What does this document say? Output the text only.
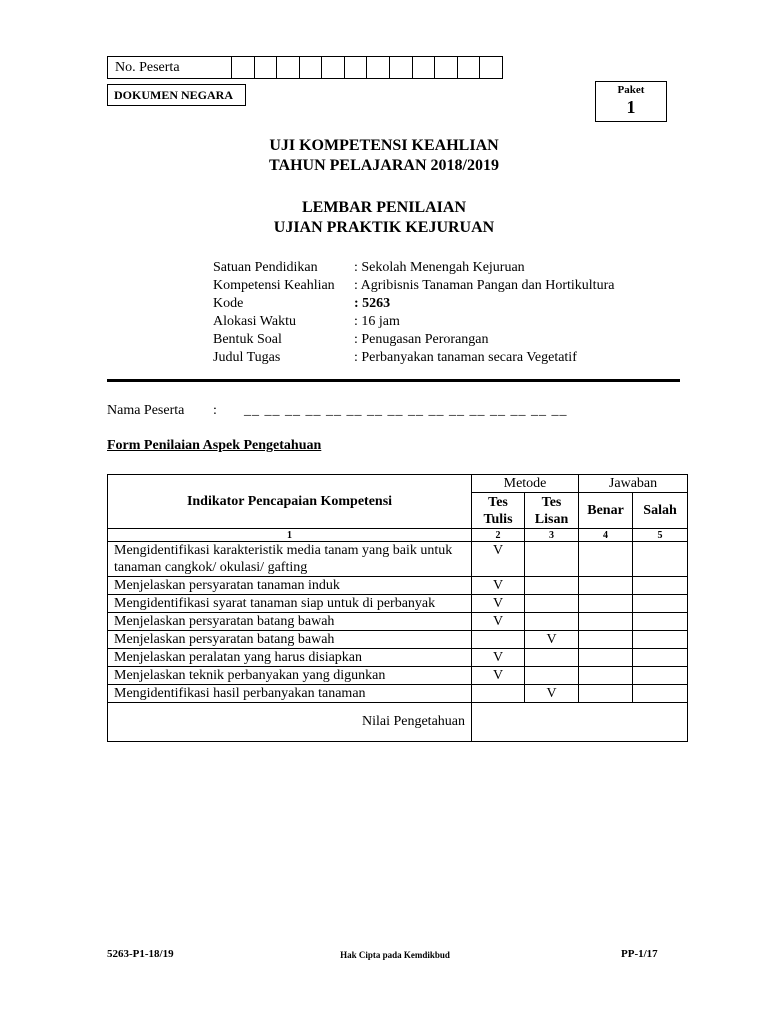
No. Peserta
DOKUMEN NEGARA	Paket
1
UJI KOMPETENSI KEAHLIAN
TAHUN PELAJARAN 2018/2019
LEMBAR PENILAIAN
UJIAN PRAKTIK KEJURUAN
Satuan Pendidikan	: Sekolah Menengah Kejuruan
Kompetensi Keahlian	: Agribisnis Tanaman Pangan dan Hortikultura
Kode	: 5263
Alokasi Waktu	: 16 jam
Bentuk Soal	: Penugasan Perorangan
Judul Tugas	: Perbanyakan tanaman secara Vegetatif
Nama Peserta : __ __ __ __ __ __ __ __ __ __ __ __ __ __ __ __
Form Penilaian Aspek Pengetahuan
Indikator Pencapaian Kompetensi	Metode		Jawaban	
	Tes Tulis	Tes Lisan	Benar	Salah
1	2	3	4	5
Mengidentifikasi karakteristik media tanam yang baik untuk tanaman cangkok/ okulasi/ gafting	V			
Menjelaskan persyaratan tanaman induk	V			
Mengidentifikasi syarat tanaman siap untuk di perbanyak	V			
Menjelaskan persyaratan batang bawah	V			
Menjelaskan persyaratan batang bawah		V		
Menjelaskan peralatan yang harus disiapkan	V			
Menjelaskan teknik perbanyakan yang digunkan	V			
Mengidentifikasi hasil perbanyakan tanaman		V		
Nilai Pengetahuan				
5263-P1-18/19	Hak Cipta pada Kemdikbud	PP-1/17
